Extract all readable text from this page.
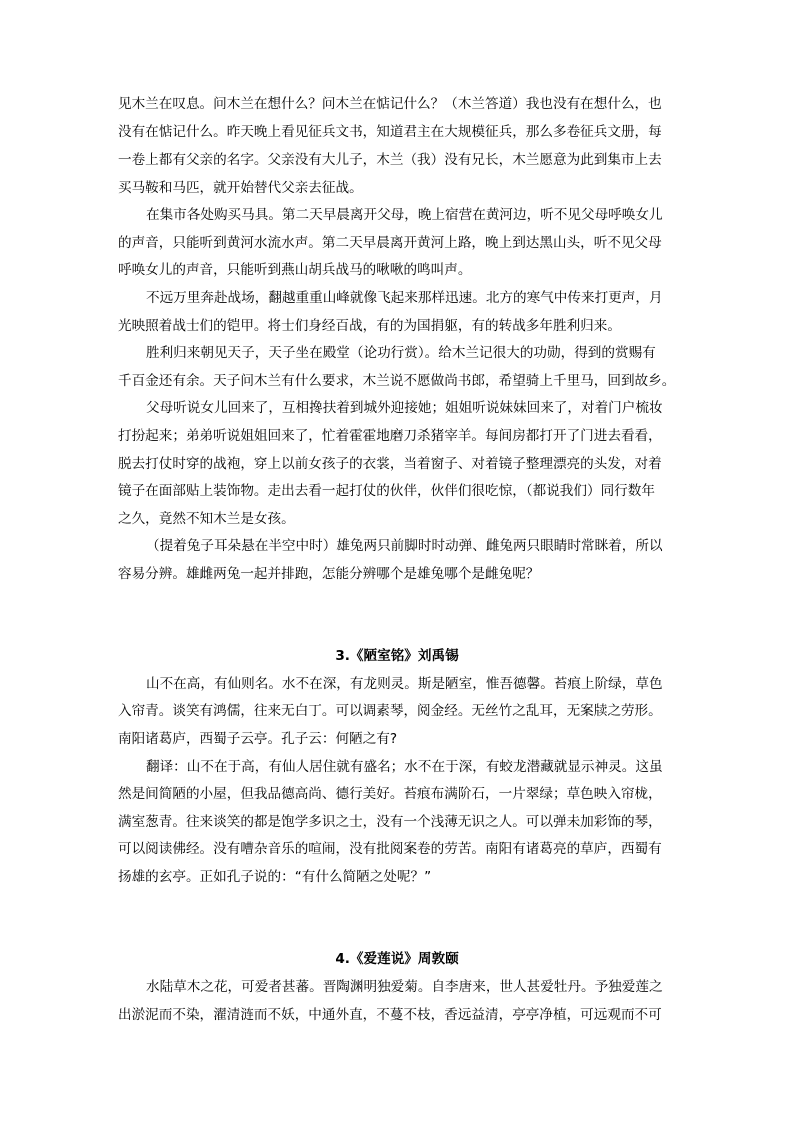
见木兰在叹息。问木兰在想什么？问木兰在惦记什么？（木兰答道）我也没有在想什么，也

没有在惦记什么。昨天晚上看见征兵文书，知道君主在大规模征兵，那么多卷征兵文册，每

一卷上都有父亲的名字。父亲没有大儿子，木兰（我）没有兄长，木兰愿意为此到集市上去

买马鞍和马匹，就开始替代父亲去征战。

在集市各处购买马具。第二天早晨离开父母，晚上宿营在黄河边，听不见父母呼唤女儿

的声音，只能听到黄河水流水声。第二天早晨离开黄河上路，晚上到达黑山头，听不见父母

呼唤女儿的声音，只能听到燕山胡兵战马的啾啾的鸣叫声。

不远万里奔赴战场，翻越重重山峰就像飞起来那样迅速。北方的寒气中传来打更声，月

光映照着战士们的铠甲。将士们身经百战，有的为国捐躯，有的转战多年胜利归来。

胜利归来朝见天子，天子坐在殿堂（论功行赏）。给木兰记很大的功勋，得到的赏赐有

千百金还有余。天子问木兰有什么要求，木兰说不愿做尚书郎，希望骑上千里马，回到故乡。

父母听说女儿回来了，互相搀扶着到城外迎接她；姐姐听说妹妹回来了，对着门户梳妆

打扮起来；弟弟听说姐姐回来了，忙着霍霍地磨刀杀猪宰羊。每间房都打开了门进去看看，

脱去打仗时穿的战袍，穿上以前女孩子的衣裳，当着窗子、对着镜子整理漂亮的头发，对着

镜子在面部贴上装饰物。走出去看一起打仗的伙伴，伙伴们很吃惊，（都说我们）同行数年

之久，竟然不知木兰是女孩。

（提着兔子耳朵悬在半空中时）雄兔两只前脚时时动弹、雌兔两只眼睛时常眯着，所以

容易分辨。雄雌两兔一起并排跑，怎能分辨哪个是雄兔哪个是雌兔呢？

3.《陋室铭》刘禹锡

山不在高，有仙则名。水不在深，有龙则灵。斯是陋室，惟吾德馨。苔痕上阶绿，草色

入帘青。谈笑有鸿儒，往来无白丁。可以调素琴，阅金经。无丝竹之乱耳，无案牍之劳形。

南阳诸葛庐，西蜀子云亭。孔子云：何陋之有?

翻译：山不在于高，有仙人居住就有盛名；水不在于深，有蛟龙潜藏就显示神灵。这虽

然是间简陋的小屋，但我品德高尚、德行美好。苔痕布满阶石，一片翠绿；草色映入帘栊，

满室葱青。往来谈笑的都是饱学多识之士，没有一个浅薄无识之人。可以弹未加彩饰的琴，

可以阅读佛经。没有嘈杂音乐的喧闹，没有批阅案卷的劳苦。南阳有诸葛亮的草庐，西蜀有

扬雄的玄亭。正如孔子说的：“有什么简陋之处呢？”

4.《爱莲说》周敦颐

水陆草木之花，可爱者甚蕃。晋陶渊明独爱菊。自李唐来，世人甚爱牡丹。予独爱莲之

出淤泥而不染，濯清涟而不妖，中通外直，不蔓不枝，香远益清，亭亭净植，可远观而不可
